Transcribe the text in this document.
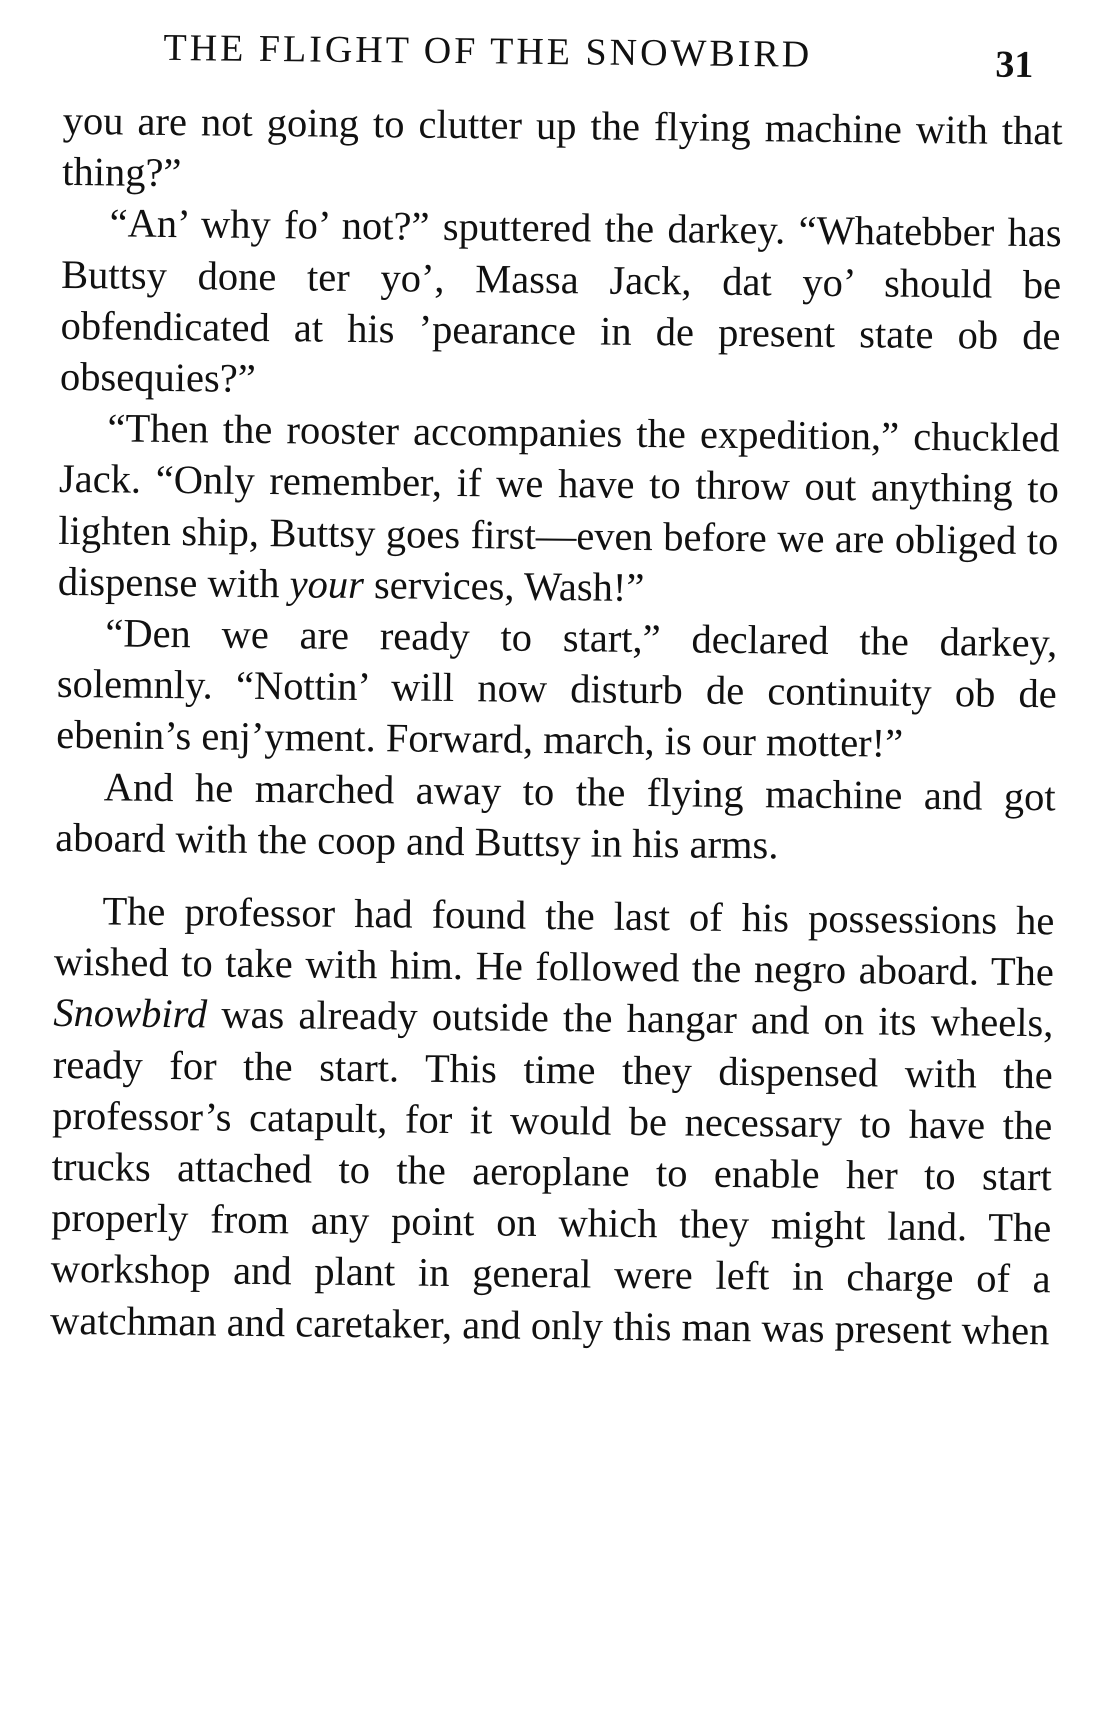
THE FLIGHT OF THE SNOWBIRD	31

you are not going to clutter up the flying machine with that thing?”

“An’ why fo’ not?” sputtered the darkey. “Whatebber has Buttsy done ter yo’, Massa Jack, dat yo’ should be obfendicated at his ’pearance in de present state ob de obsequies?”

“Then the rooster accompanies the expedition,” chuckled Jack. “Only remember, if we have to throw out anything to lighten ship, Buttsy goes first—even before we are obliged to dispense with your services, Wash!”

“Den we are ready to start,” declared the darkey, solemnly. “Nottin’ will now disturb de continuity ob de ebenin’s enj’yment. Forward, march, is our motter!”

And he marched away to the flying machine and got aboard with the coop and Buttsy in his arms.

The professor had found the last of his possessions he wished to take with him. He followed the negro aboard. The Snowbird was already outside the hangar and on its wheels, ready for the start. This time they dispensed with the professor’s catapult, for it would be necessary to have the trucks attached to the aeroplane to enable her to start properly from any point on which they might land. The workshop and plant in general were left in charge of a watchman and caretaker, and only this man was present when
